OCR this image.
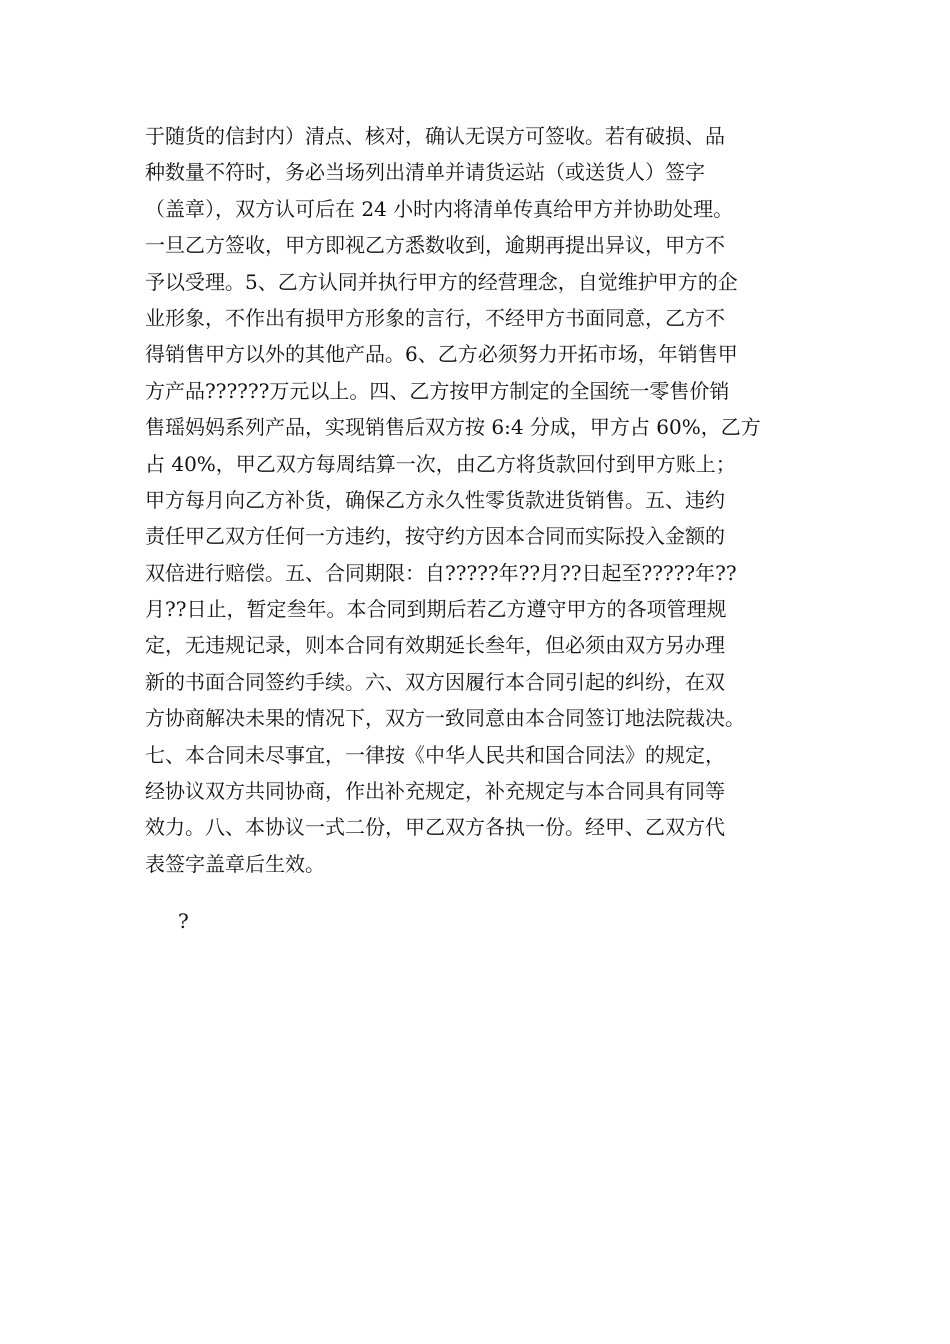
于随货的信封内）清点、核对，确认无误方可签收。若有破损、品
种数量不符时，务必当场列出清单并请货运站（或送货人）签字
（盖章），双方认可后在 24 小时内将清单传真给甲方并协助处理。
一旦乙方签收，甲方即视乙方悉数收到，逾期再提出异议，甲方不
予以受理。5、乙方认同并执行甲方的经营理念，自觉维护甲方的企
业形象，不作出有损甲方形象的言行，不经甲方书面同意，乙方不
得销售甲方以外的其他产品。6、乙方必须努力开拓市场，年销售甲
方产品??????万元以上。四、乙方按甲方制定的全国统一零售价销
售瑶妈妈系列产品，实现销售后双方按 6:4 分成，甲方占 60%，乙方
占 40%，甲乙双方每周结算一次，由乙方将货款回付到甲方账上；
甲方每月向乙方补货，确保乙方永久性零货款进货销售。五、违约
责任甲乙双方任何一方违约，按守约方因本合同而实际投入金额的
双倍进行赔偿。五、合同期限：自?????年??月??日起至?????年??
月??日止，暂定叁年。本合同到期后若乙方遵守甲方的各项管理规
定，无违规记录，则本合同有效期延长叁年，但必须由双方另办理
新的书面合同签约手续。六、双方因履行本合同引起的纠纷，在双
方协商解决未果的情况下，双方一致同意由本合同签订地法院裁决。
七、本合同未尽事宜，一律按《中华人民共和国合同法》的规定，
经协议双方共同协商，作出补充规定，补充规定与本合同具有同等
效力。八、本协议一式二份，甲乙双方各执一份。经甲、乙双方代
表签字盖章后生效。
?
